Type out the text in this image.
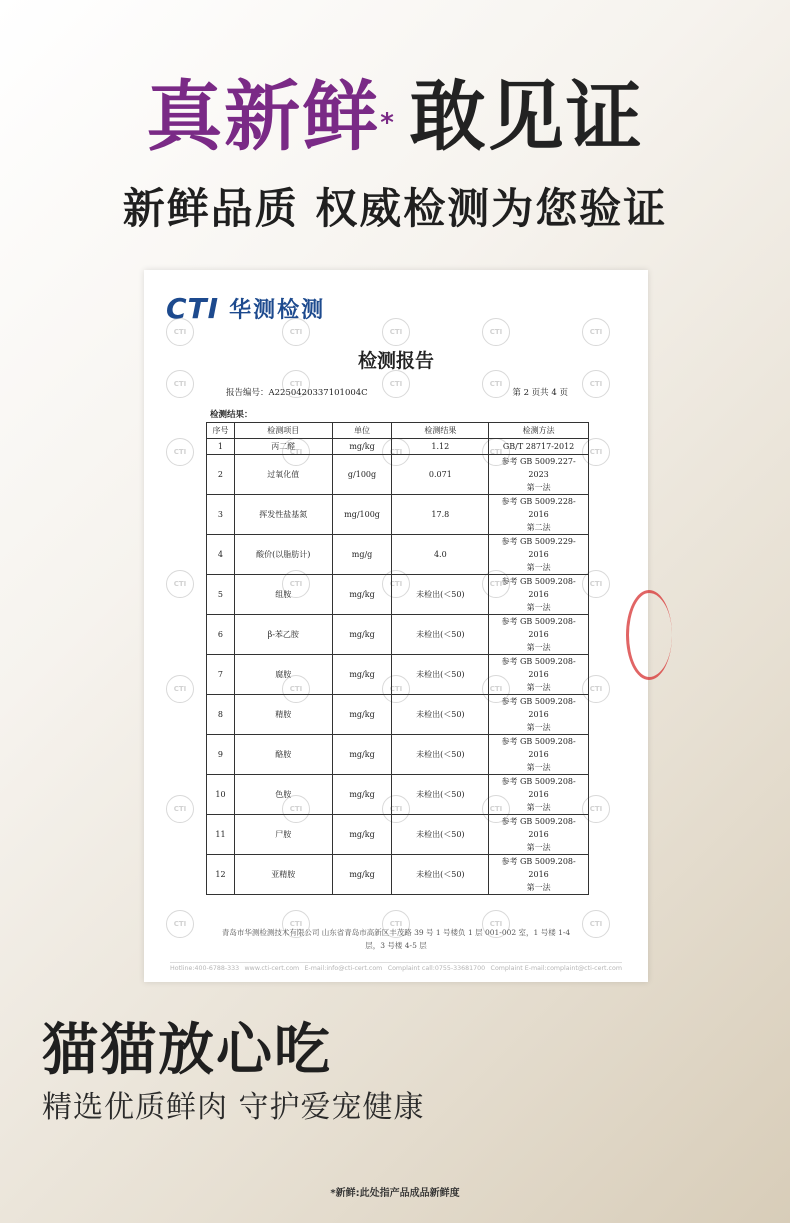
真新鲜* 敢见证
新鲜品质 权威检测为您验证
CTI	CTI	CTI	CTI	CTI
CTI	CTI	CTI	CTI	CTI
CTI	CTI	CTI	CTI	CTI
CTI	CTI	CTI	CTI	CTI
CTI	CTI	CTI	CTI	CTI
CTI	CTI	CTI	CTI	CTI
CTI	CTI	CTI	CTI	CTI
CTI 华测检测
检测报告
报告编号：A2250420337101004C	第 2 页共 4 页
检测结果：
序号	检测项目	单位	检测结果	检测方法
1	丙二醛	mg/kg	1.12	GB/T 28717-2012
2	过氧化值	g/100g	0.071	参考 GB 5009.227-
2023
第一法
3	挥发性盐基氮	mg/100g	17.8	参考 GB 5009.228-
2016
第二法
4	酸价(以脂肪计)	mg/g	4.0	参考 GB 5009.229-
2016
第一法
5	组胺	mg/kg	未检出(＜50)	参考 GB 5009.208-
2016
第一法
6	β-苯乙胺	mg/kg	未检出(＜50)	参考 GB 5009.208-
2016
第一法
7	腐胺	mg/kg	未检出(＜50)	参考 GB 5009.208-
2016
第一法
8	精胺	mg/kg	未检出(＜50)	参考 GB 5009.208-
2016
第一法
9	酪胺	mg/kg	未检出(＜50)	参考 GB 5009.208-
2016
第一法
10	色胺	mg/kg	未检出(＜50)	参考 GB 5009.208-
2016
第一法
11	尸胺	mg/kg	未检出(＜50)	参考 GB 5009.208-
2016
第一法
12	亚精胺	mg/kg	未检出(＜50)	参考 GB 5009.208-
2016
第一法
青岛市华测检测技术有限公司 山东省青岛市高新区丰茂路 39 号 1 号楼负 1 层 001-002 室，1 号楼 1-4 层，3 号楼 4-5 层
Hotline:400-6788-333 www.cti-cert.com E-mail:info@cti-cert.com Complaint call:0755-33681700 Complaint E-mail:complaint@cti-cert.com
猫猫放心吃
精选优质鲜肉 守护爱宠健康
*新鲜:此处指产品成品新鲜度
